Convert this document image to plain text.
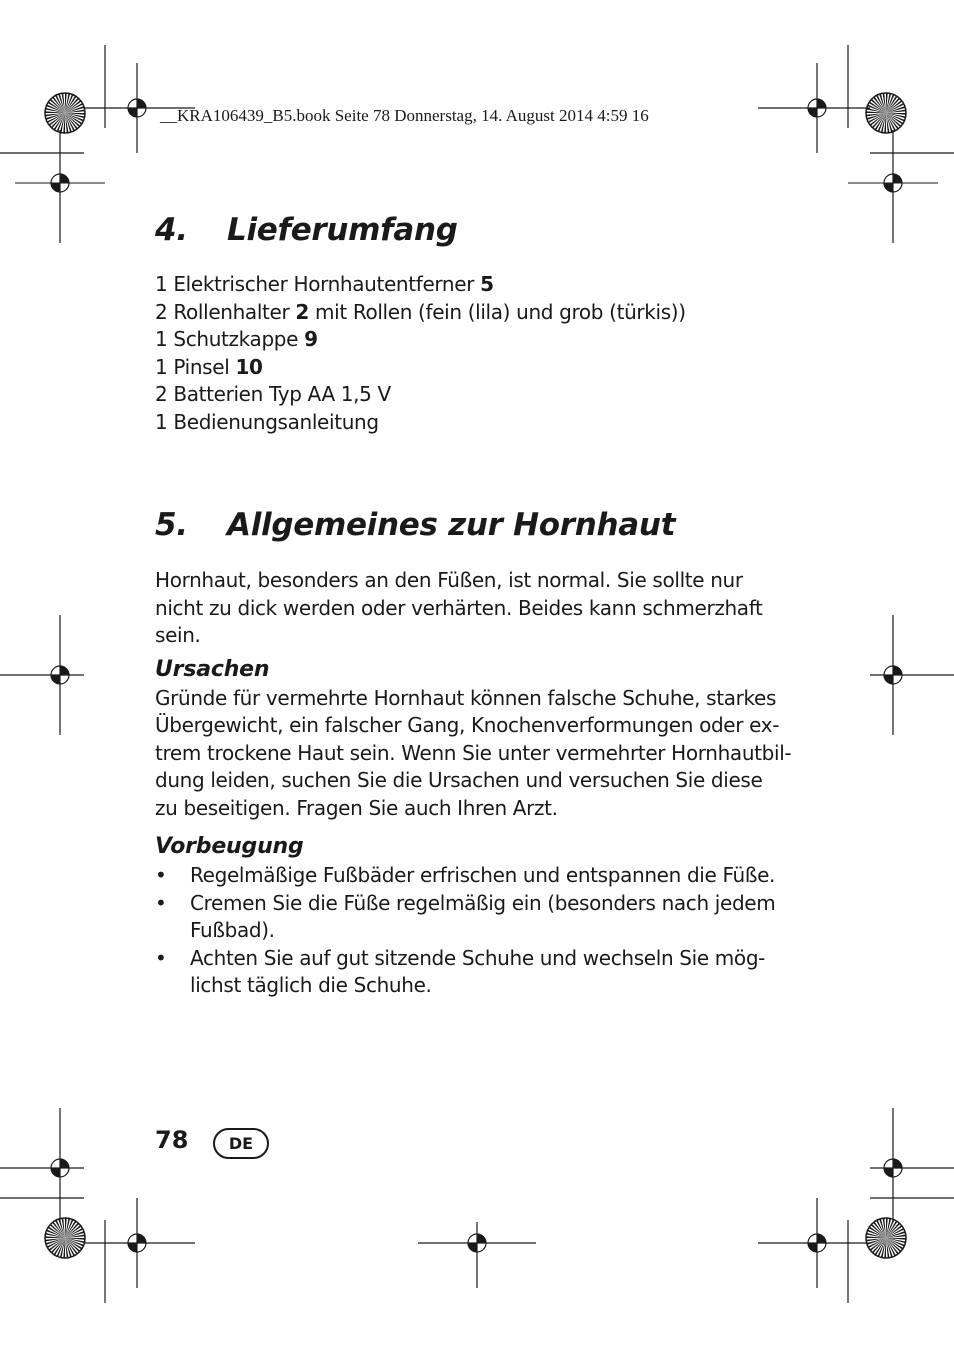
__KRA106439_B5.book Seite 78 Donnerstag, 14. August 2014 4:59 16
4. Lieferumfang
1 Elektrischer Hornhautentferner 5
2 Rollenhalter 2 mit Rollen (fein (lila) und grob (türkis))
1 Schutzkappe 9
1 Pinsel 10
2 Batterien Typ AA 1,5 V
1 Bedienungsanleitung
5. Allgemeines zur Hornhaut

Hornhaut, besonders an den Füßen, ist normal. Sie sollte nur
nicht zu dick werden oder verhärten. Beides kann schmerzhaft
sein.

Ursachen

Gründe für vermehrte Hornhaut können falsche Schuhe, starkes
Übergewicht, ein falscher Gang, Knochenverformungen oder ex-
trem trockene Haut sein. Wenn Sie unter vermehrter Hornhautbil-
dung leiden, suchen Sie die Ursachen und versuchen Sie diese
zu beseitigen. Fragen Sie auch Ihren Arzt.

Vorbeugung
• Regelmäßige Fußbäder erfrischen und entspannen die Füße.
• Cremen Sie die Füße regelmäßig ein (besonders nach jedem
Fußbad).
• Achten Sie auf gut sitzende Schuhe und wechseln Sie mög-
lichst täglich die Schuhe.
78	DE
